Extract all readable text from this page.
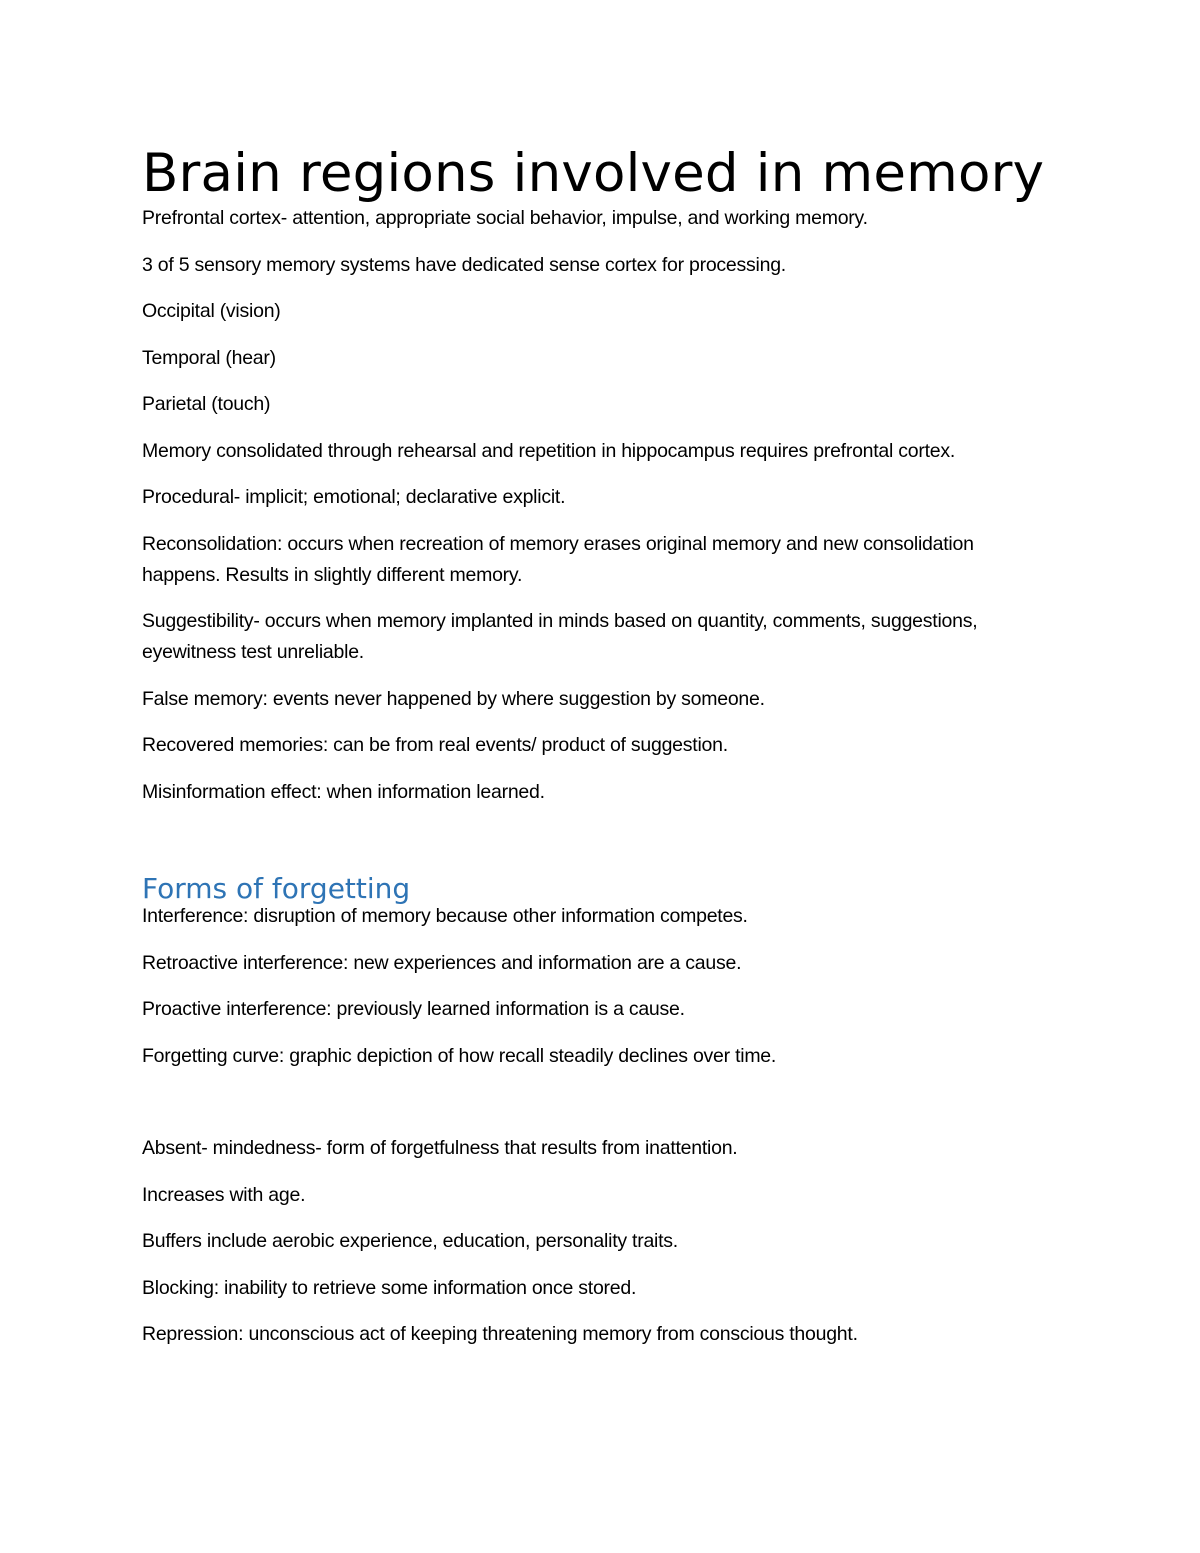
Brain regions involved in memory

Prefrontal cortex- attention, appropriate social behavior, impulse, and working memory.

3 of 5 sensory memory systems have dedicated sense cortex for processing.

Occipital (vision)

Temporal (hear)

Parietal (touch)

Memory consolidated through rehearsal and repetition in hippocampus requires prefrontal cortex.

Procedural- implicit; emotional; declarative explicit.

Reconsolidation: occurs when recreation of memory erases original memory and new consolidation happens. Results in slightly different memory.

Suggestibility- occurs when memory implanted in minds based on quantity, comments, suggestions, eyewitness test unreliable.

False memory: events never happened by where suggestion by someone.

Recovered memories: can be from real events/ product of suggestion.

Misinformation effect: when information learned.

Forms of forgetting

Interference: disruption of memory because other information competes.

Retroactive interference: new experiences and information are a cause.

Proactive interference: previously learned information is a cause.

Forgetting curve: graphic depiction of how recall steadily declines over time.

Absent- mindedness- form of forgetfulness that results from inattention.

Increases with age.

Buffers include aerobic experience, education, personality traits.

Blocking: inability to retrieve some information once stored.

Repression: unconscious act of keeping threatening memory from conscious thought.
